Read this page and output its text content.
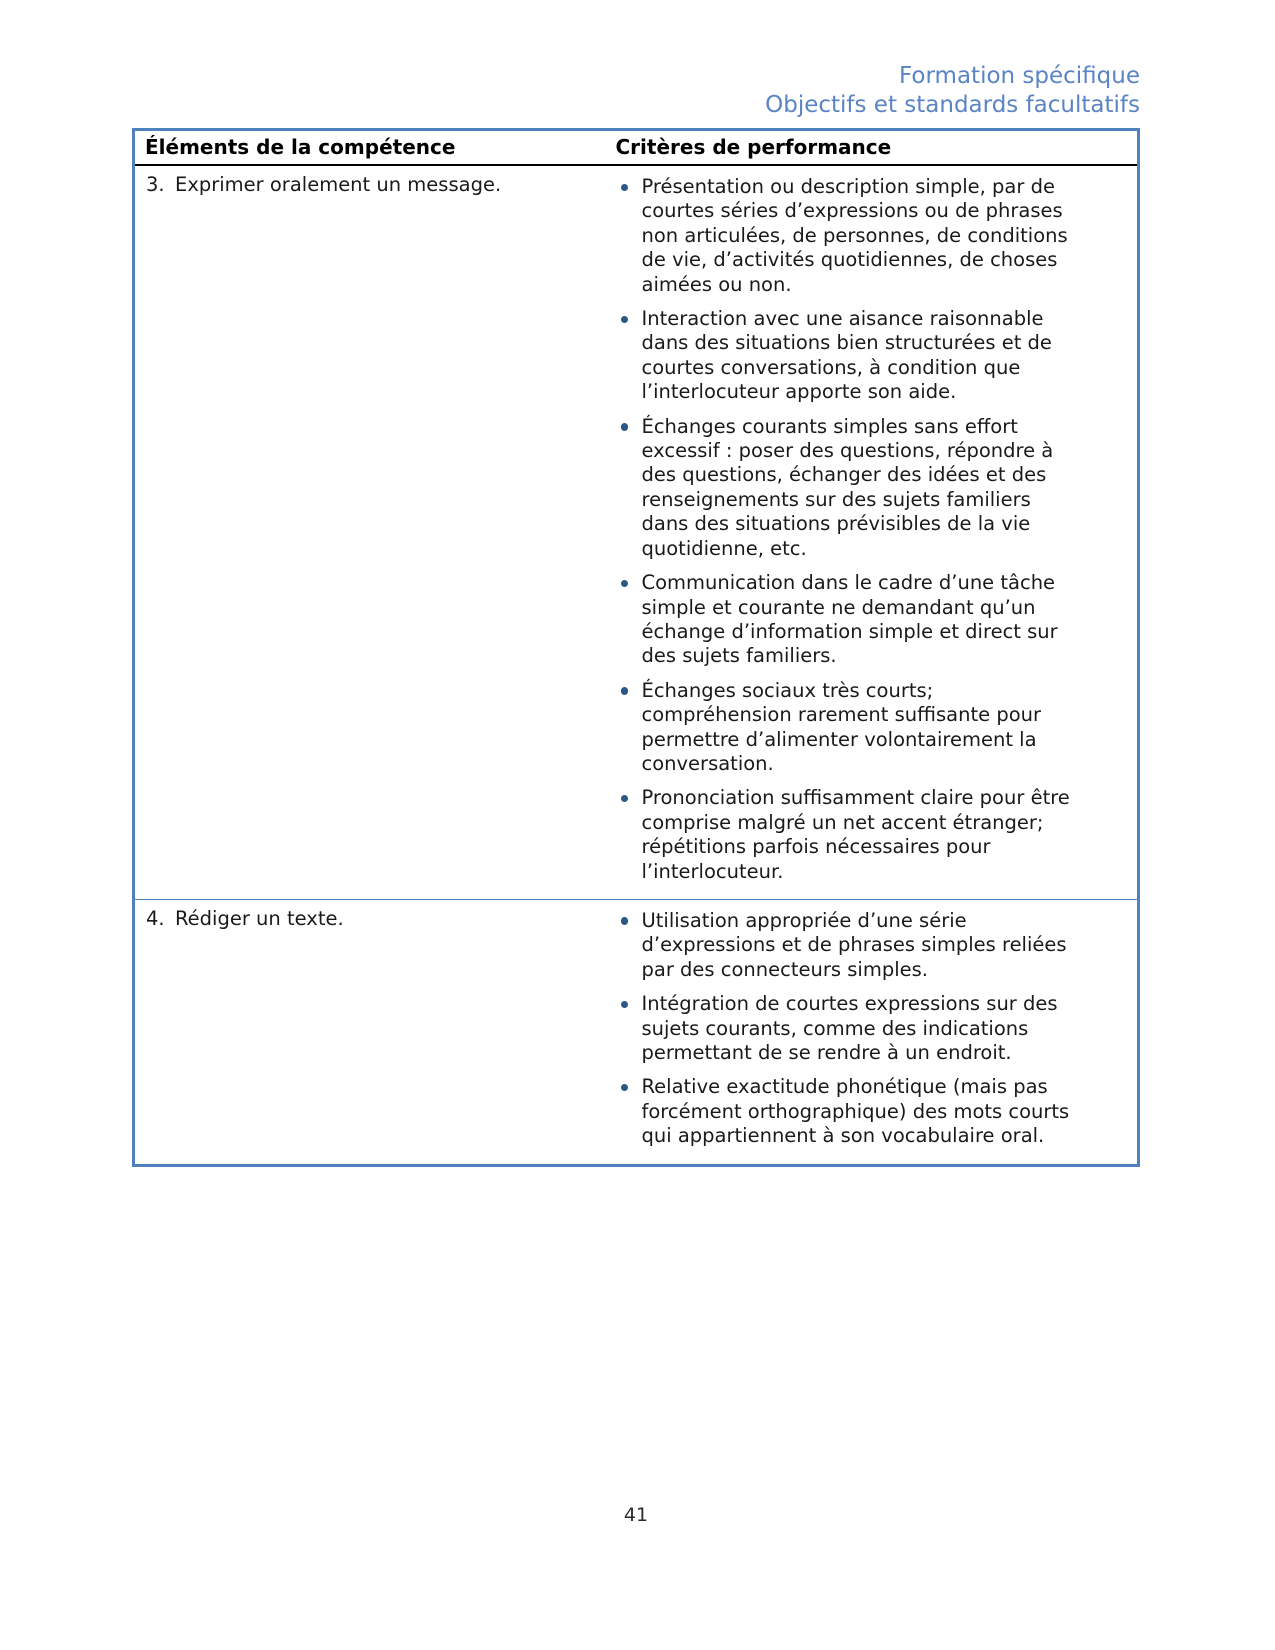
Formation spécifique
Objectifs et standards facultatifs
Éléments de la compétence	Critères de performance
3. Exprimer oralement un message.	Présentation ou description simple, par de courtes séries d’expressions ou de phrases non articulées, de personnes, de conditions de vie, d’activités quotidiennes, de choses aimées ou non.
Interaction avec une aisance raisonnable dans des situations bien structurées et de courtes conversations, à condition que l’interlocuteur apporte son aide.
Échanges courants simples sans effort excessif : poser des questions, répondre à des questions, échanger des idées et des renseignements sur des sujets familiers dans des situations prévisibles de la vie quotidienne, etc.
Communication dans le cadre d’une tâche simple et courante ne demandant qu’un échange d’information simple et direct sur des sujets familiers.
Échanges sociaux très courts; compréhension rarement suffisante pour permettre d’alimenter volontairement la conversation.
Prononciation suffisamment claire pour être comprise malgré un net accent étranger; répétitions parfois nécessaires pour l’interlocuteur.

4. Rédiger un texte.	Utilisation appropriée d’une série d’expressions et de phrases simples reliées par des connecteurs simples.
Intégration de courtes expressions sur des sujets courants, comme des indications permettant de se rendre à un endroit.
Relative exactitude phonétique (mais pas forcément orthographique) des mots courts qui appartiennent à son vocabulaire oral.
41
